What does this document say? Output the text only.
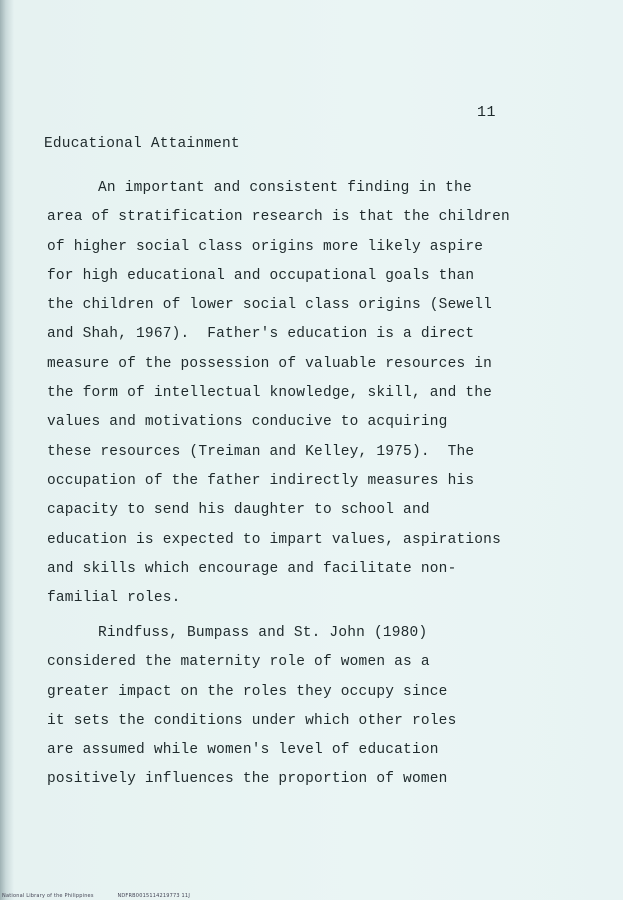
11
Educational Attainment
An important and consistent finding in the
area of stratification research is that the children
of higher social class origins more likely aspire
for high educational and occupational goals than
the children of lower social class origins (Sewell
and Shah, 1967).  Father's education is a direct
measure of the possession of valuable resources in
the form of intellectual knowledge, skill, and the
values and motivations conducive to acquiring
these resources (Treiman and Kelley, 1975).  The
occupation of the father indirectly measures his
capacity to send his daughter to school and
education is expected to impart values, aspirations
and skills which encourage and facilitate non-
familial roles.
Rindfuss, Bumpass and St. John (1980)
considered the maternity role of women as a
greater impact on the roles they occupy since
it sets the conditions under which other roles
are assumed while women's level of education
positively influences the proportion of women
National Library of the Philippines	NDFRB0015114219773 11J
